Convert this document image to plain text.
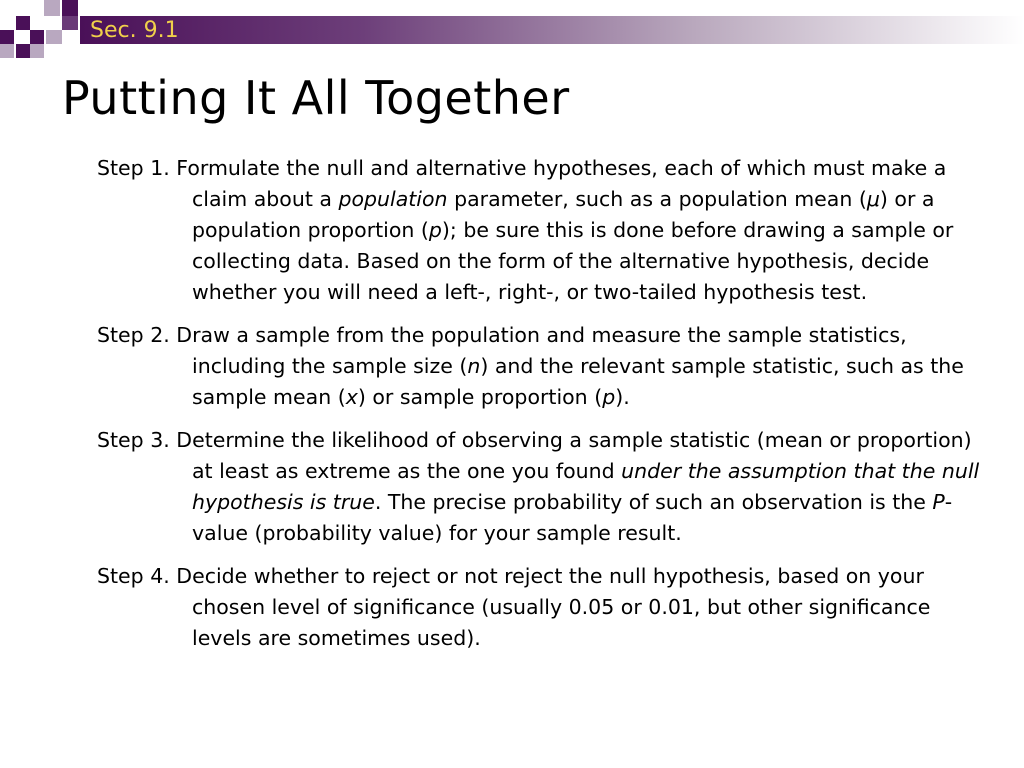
Sec. 9.1
Putting It All Together

Step 1. Formulate the null and alternative hypotheses, each of which must make a claim about a population parameter, such as a population mean (μ) or a population proportion (p); be sure this is done before drawing a sample or collecting data. Based on the form of the alternative hypothesis, decide whether you will need a left-, right-, or two-tailed hypothesis test.

Step 2. Draw a sample from the population and measure the sample statistics, including the sample size (n) and the relevant sample statistic, such as the sample mean (x) or sample proportion (p).

Step 3. Determine the likelihood of observing a sample statistic (mean or proportion) at least as extreme as the one you found under the assumption that the null hypothesis is true. The precise probability of such an observation is the P-value (probability value) for your sample result.

Step 4. Decide whether to reject or not reject the null hypothesis, based on your chosen level of significance (usually 0.05 or 0.01, but other significance levels are sometimes used).
